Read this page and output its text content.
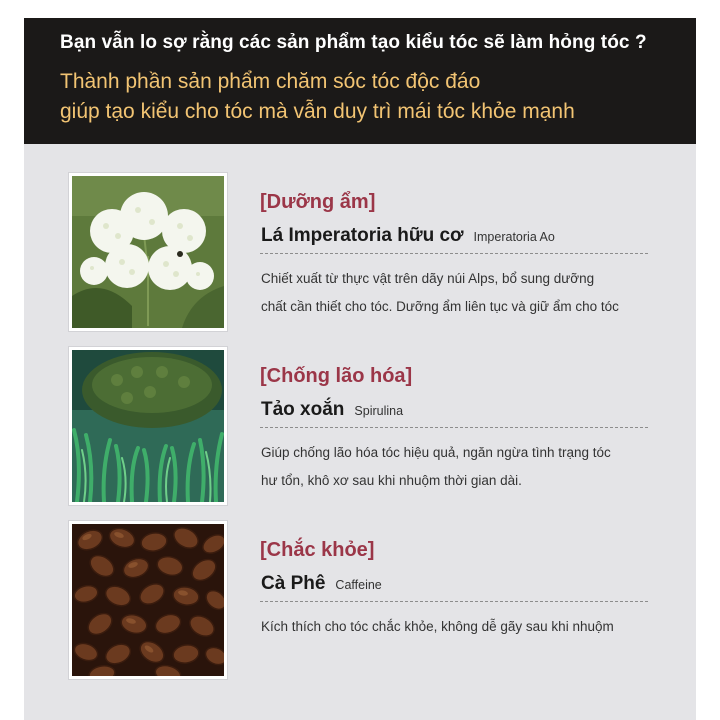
Bạn vẫn lo sợ rằng các sản phẩm tạo kiểu tóc sẽ làm hỏng tóc ?
Thành phần sản phẩm chăm sóc tóc độc đáo
giúp tạo kiểu cho tóc mà vẫn duy trì mái tóc khỏe mạnh
[Dưỡng ẩm]
Lá Imperatoria hữu cơ Imperatoria Ao
Chiết xuất từ thực vật trên dãy núi Alps, bổ sung dưỡng
chất cần thiết cho tóc. Dưỡng ẩm liên tục và giữ ẩm cho tóc
[Chống lão hóa]
Tảo xoắn Spirulina
Giúp chống lão hóa tóc hiệu quả, ngăn ngừa tình trạng tóc
hư tổn, khô xơ sau khi nhuộm thời gian dài.
[Chắc khỏe]
Cà Phê Caffeine
Kích thích cho tóc chắc khỏe, không dễ gãy sau khi nhuộm
